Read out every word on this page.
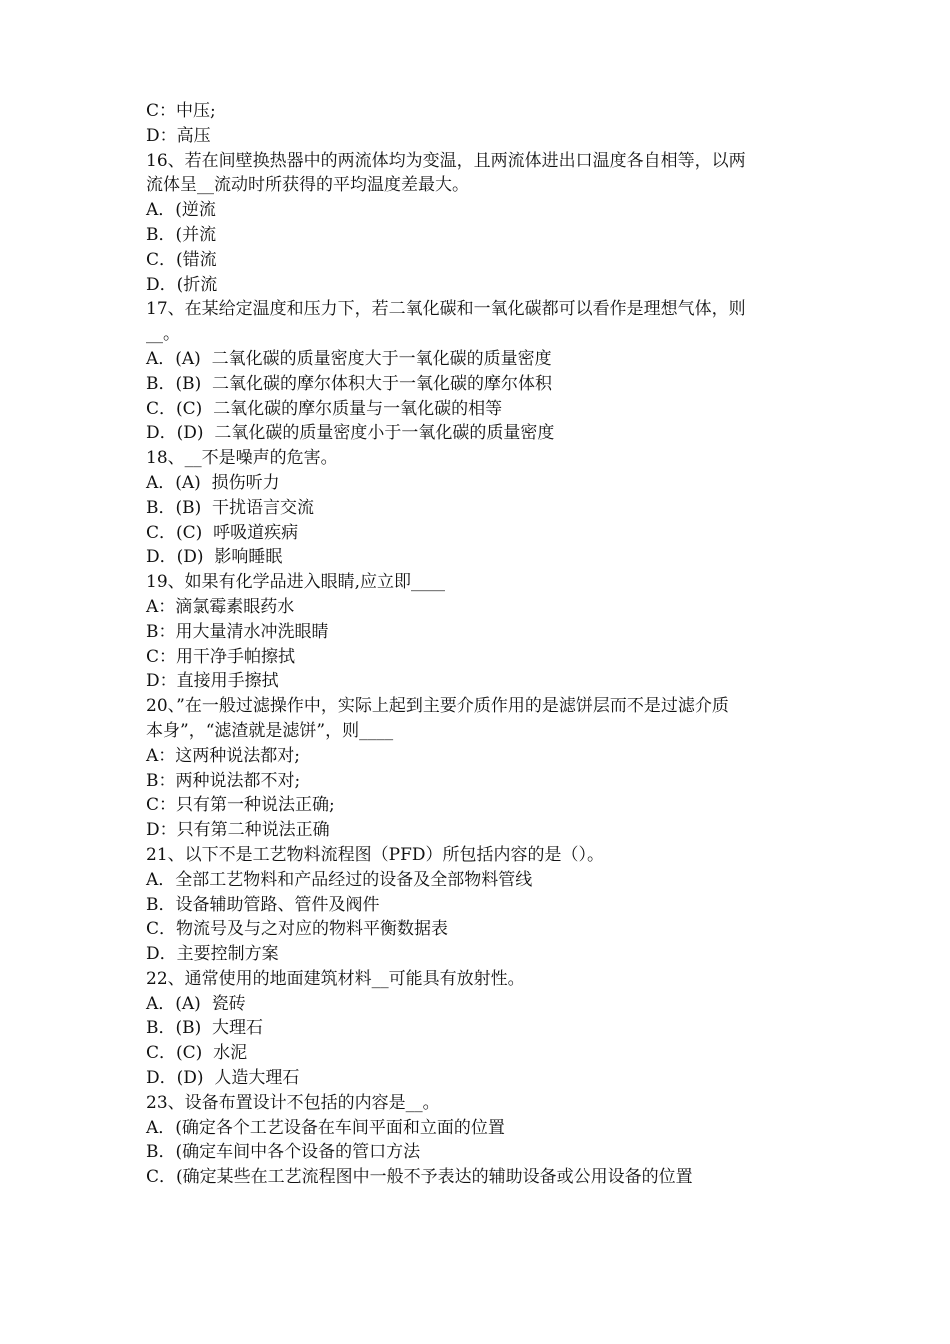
C：中压;
D：高压
16、若在间壁换热器中的两流体均为变温，且两流体进出口温度各自相等，以两
流体呈__流动时所获得的平均温度差最大。
A．(逆流
B．(并流
C．(错流
D．(折流
17、在某给定温度和压力下，若二氧化碳和一氧化碳都可以看作是理想气体，则
__。
A．(A)  二氧化碳的质量密度大于一氧化碳的质量密度
B．(B)  二氧化碳的摩尔体积大于一氧化碳的摩尔体积
C．(C)  二氧化碳的摩尔质量与一氧化碳的相等
D．(D)  二氧化碳的质量密度小于一氧化碳的质量密度
18、__不是噪声的危害。
A．(A)  损伤听力
B．(B)  干扰语言交流
C．(C)  呼吸道疾病
D．(D)  影响睡眠
19、如果有化学品进入眼睛,应立即____
A：滴氯霉素眼药水
B：用大量清水冲洗眼睛
C：用干净手帕擦拭
D：直接用手擦拭
20、”在一般过滤操作中，实际上起到主要介质作用的是滤饼层而不是过滤介质
本身”，“滤渣就是滤饼”，则____
A：这两种说法都对;
B：两种说法都不对;
C：只有第一种说法正确;
D：只有第二种说法正确
21、以下不是工艺物料流程图（PFD）所包括内容的是（）。
A．全部工艺物料和产品经过的设备及全部物料管线
B．设备辅助管路、管件及阀件
C．物流号及与之对应的物料平衡数据表
D．主要控制方案
22、通常使用的地面建筑材料__可能具有放射性。
A．(A)  瓷砖
B．(B)  大理石
C．(C)  水泥
D．(D)  人造大理石
23、设备布置设计不包括的内容是__。
A．(确定各个工艺设备在车间平面和立面的位置
B．(确定车间中各个设备的管口方法
C．(确定某些在工艺流程图中一般不予表达的辅助设备或公用设备的位置
